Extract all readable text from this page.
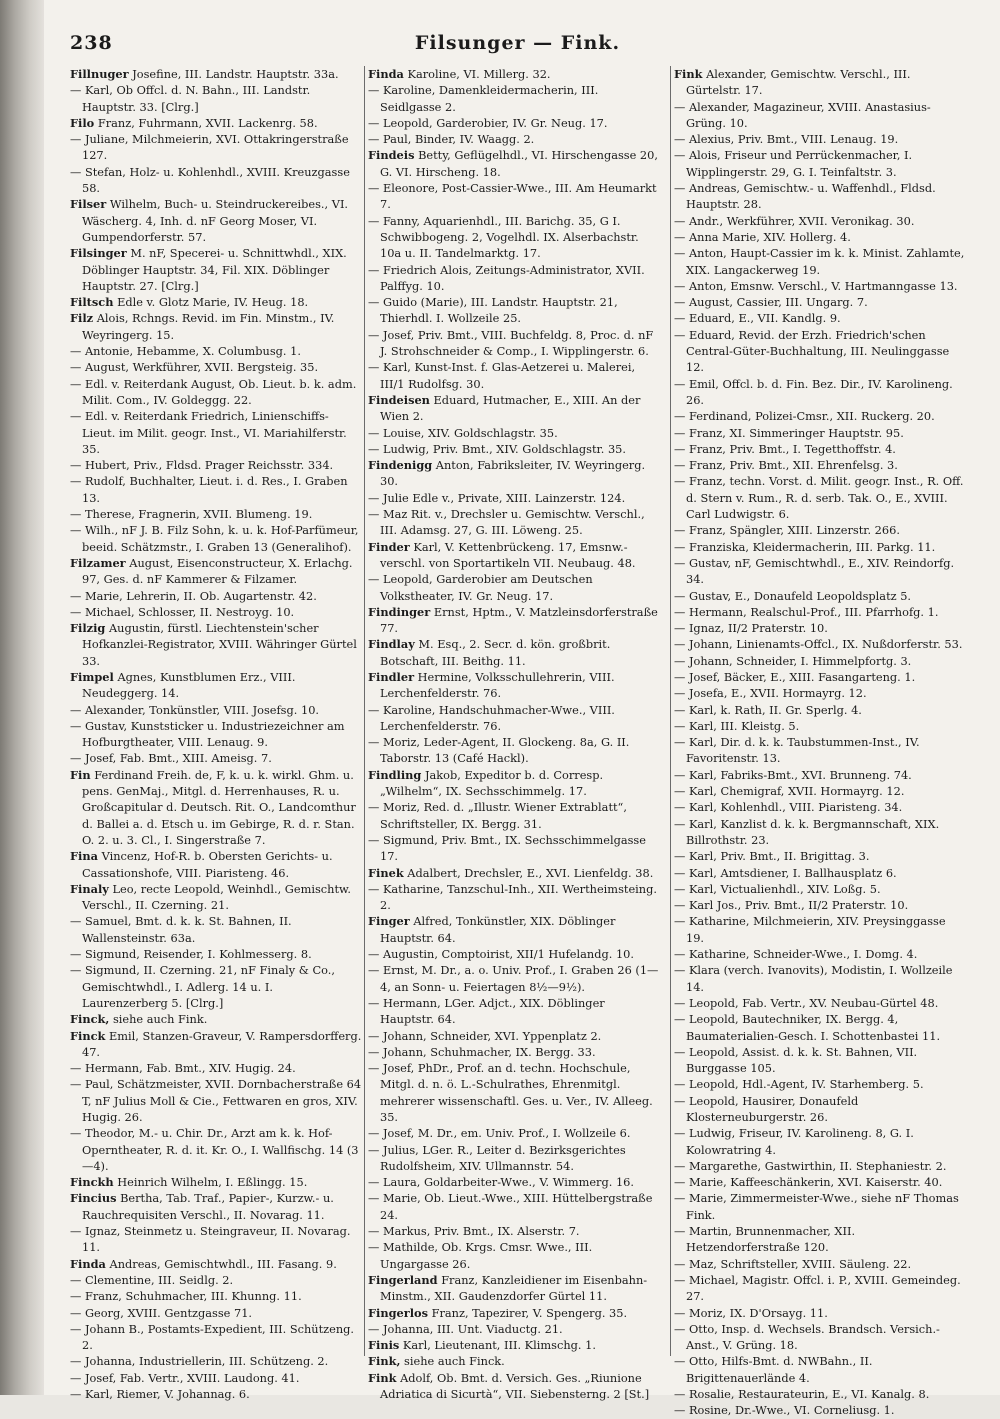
238	Filsunger — Fink.

Fillnuger Josefine, III. Landstr. Hauptstr. 33a.

— Karl, Ob Offcl. d. N. Bahn., III. Landstr. Hauptstr. 33. [Clrg.]

Filo Franz, Fuhrmann, XVII. Lackenrg. 58.

— Juliane, Milchmeierin, XVI. Ottakringerstraße 127.

— Stefan, Holz- u. Kohlenhdl., XVIII. Kreuzgasse 58.

Filser Wilhelm, Buch- u. Steindruckereibes., VI. Wäscherg. 4, Inh. d. nF Georg Moser, VI. Gumpendorferstr. 57.

Filsinger M. nF, Specerei- u. Schnittwhdl., XIX. Döblinger Hauptstr. 34, Fil. XIX. Döblinger Hauptstr. 27. [Clrg.]

Filtsch Edle v. Glotz Marie, IV. Heug. 18.

Filz Alois, Rchngs. Revid. im Fin. Minstm., IV. Weyringerg. 15.

— Antonie, Hebamme, X. Columbusg. 1.

— August, Werkführer, XVII. Bergsteig. 35.

— Edl. v. Reiterdank August, Ob. Lieut. b. k. adm. Milit. Com., IV. Goldeggg. 22.

— Edl. v. Reiterdank Friedrich, Linienschiffs-Lieut. im Milit. geogr. Inst., VI. Mariahilferstr. 35.

— Hubert, Priv., Fldsd. Prager Reichsstr. 334.

— Rudolf, Buchhalter, Lieut. i. d. Res., I. Graben 13.

— Therese, Fragnerin, XVII. Blumeng. 19.

— Wilh., nF J. B. Filz Sohn, k. u. k. Hof-Parfümeur, beeid. Schätzmstr., I. Graben 13 (Generalihof).

Filzamer August, Eisenconstructeur, X. Erlachg. 97, Ges. d. nF Kammerer & Filzamer.

— Marie, Lehrerin, II. Ob. Augartenstr. 42.

— Michael, Schlosser, II. Nestroyg. 10.

Filzig Augustin, fürstl. Liechtenstein'scher Hofkanzlei-Registrator, XVIII. Währinger Gürtel 33.

Fimpel Agnes, Kunstblumen Erz., VIII. Neudeggerg. 14.

— Alexander, Tonkünstler, VIII. Josefsg. 10.

— Gustav, Kunststicker u. Industriezeichner am Hofburgtheater, VIII. Lenaug. 9.

— Josef, Fab. Bmt., XIII. Ameisg. 7.

Fin Ferdinand Freih. de, F, k. u. k. wirkl. Ghm. u. pens. GenMaj., Mitgl. d. Herrenhauses, R. u. Großcapitular d. Deutsch. Rit. O., Landcomthur d. Ballei a. d. Etsch u. im Gebirge, R. d. r. Stan. O. 2. u. 3. Cl., I. Singerstraße 7.

Fina Vincenz, Hof-R. b. Obersten Gerichts- u. Cassationshofe, VIII. Piaristeng. 46.

Finaly Leo, recte Leopold, Weinhdl., Gemischtw. Verschl., II. Czerning. 21.

— Samuel, Bmt. d. k. k. St. Bahnen, II. Wallensteinstr. 63a.

— Sigmund, Reisender, I. Kohlmesserg. 8.

— Sigmund, II. Czerning. 21, nF Finaly & Co., Gemischtwhdl., I. Adlerg. 14 u. I. Laurenzerberg 5. [Clrg.]

Finck, siehe auch Fink.

Finck Emil, Stanzen-Graveur, V. Rampersdorfferg. 47.

— Hermann, Fab. Bmt., XIV. Hugig. 24.

— Paul, Schätzmeister, XVII. Dornbacherstraße 64 T, nF Julius Moll & Cie., Fettwaren en gros, XIV. Hugig. 26.

— Theodor, M.- u. Chir. Dr., Arzt am k. k. Hof-Operntheater, R. d. it. Kr. O., I. Wallfischg. 14 (3—4).

Finckh Heinrich Wilhelm, I. Eßlingg. 15.

Fincius Bertha, Tab. Traf., Papier-, Kurzw.- u. Rauchrequisiten Verschl., II. Novarag. 11.

— Ignaz, Steinmetz u. Steingraveur, II. Novarag. 11.

Finda Andreas, Gemischtwhdl., III. Fasang. 9.

— Clementine, III. Seidlg. 2.

— Franz, Schuhmacher, III. Khunng. 11.

— Georg, XVIII. Gentzgasse 71.

— Johann B., Postamts-Expedient, III. Schützeng. 2.

— Johanna, Industriellerin, III. Schützeng. 2.

— Josef, Fab. Vertr., XVIII. Laudong. 41.

— Karl, Riemer, V. Johannag. 6.

Finda Karoline, VI. Millerg. 32.

— Karoline, Damenkleidermacherin, III. Seidlgasse 2.

— Leopold, Garderobier, IV. Gr. Neug. 17.

— Paul, Binder, IV. Waagg. 2.

Findeis Betty, Geflügelhdl., VI. Hirschengasse 20, G. VI. Hirscheng. 18.

— Eleonore, Post-Cassier-Wwe., III. Am Heumarkt 7.

— Fanny, Aquarienhdl., III. Barichg. 35, G I. Schwibbogeng. 2, Vogelhdl. IX. Alserbachstr. 10a u. II. Tandelmarktg. 17.

— Friedrich Alois, Zeitungs-Administrator, XVII. Palffyg. 10.

— Guido (Marie), III. Landstr. Hauptstr. 21, Thierhdl. I. Wollzeile 25.

— Josef, Priv. Bmt., VIII. Buchfeldg. 8, Proc. d. nF J. Strohschneider & Comp., I. Wipplingerstr. 6.

— Karl, Kunst-Inst. f. Glas-Aetzerei u. Malerei, III/1 Rudolfsg. 30.

Findeisen Eduard, Hutmacher, E., XIII. An der Wien 2.

— Louise, XIV. Goldschlagstr. 35.

— Ludwig, Priv. Bmt., XIV. Goldschlagstr. 35.

Findenigg Anton, Fabriksleiter, IV. Weyringerg. 30.

— Julie Edle v., Private, XIII. Lainzerstr. 124.

— Maz Rit. v., Drechsler u. Gemischtw. Verschl., III. Adamsg. 27, G. III. Löweng. 25.

Finder Karl, V. Kettenbrückeng. 17, Emsnw.-verschl. von Sportartikeln VII. Neubaug. 48.

— Leopold, Garderobier am Deutschen Volkstheater, IV. Gr. Neug. 17.

Findinger Ernst, Hptm., V. Matzleinsdorferstraße 77.

Findlay M. Esq., 2. Secr. d. kön. großbrit. Botschaft, III. Beithg. 11.

Findler Hermine, Volksschullehrerin, VIII. Lerchenfelderstr. 76.

— Karoline, Handschuhmacher-Wwe., VIII. Lerchenfelderstr. 76.

— Moriz, Leder-Agent, II. Glockeng. 8a, G. II. Taborstr. 13 (Café Hackl).

Findling Jakob, Expeditor b. d. Corresp. „Wilhelm“, IX. Sechsschimmelg. 17.

— Moriz, Red. d. „Illustr. Wiener Extrablatt“, Schriftsteller, IX. Bergg. 31.

— Sigmund, Priv. Bmt., IX. Sechsschimmelgasse 17.

Finek Adalbert, Drechsler, E., XVI. Lienfeldg. 38.

— Katharine, Tanzschul-Inh., XII. Wertheimsteing. 2.

Finger Alfred, Tonkünstler, XIX. Döblinger Hauptstr. 64.

— Augustin, Comptoirist, XII/1 Hufelandg. 10.

— Ernst, M. Dr., a. o. Univ. Prof., I. Graben 26 (1—4, an Sonn- u. Feiertagen 8½—9½).

— Hermann, LGer. Adjct., XIX. Döblinger Hauptstr. 64.

— Johann, Schneider, XVI. Yppenplatz 2.

— Johann, Schuhmacher, IX. Bergg. 33.

— Josef, PhDr., Prof. an d. techn. Hochschule, Mitgl. d. n. ö. L.-Schulrathes, Ehrenmitgl. mehrerer wissenschaftl. Ges. u. Ver., IV. Alleeg. 35.

— Josef, M. Dr., em. Univ. Prof., I. Wollzeile 6.

— Julius, LGer. R., Leiter d. Bezirksgerichtes Rudolfsheim, XIV. Ullmannstr. 54.

— Laura, Goldarbeiter-Wwe., V. Wimmerg. 16.

— Marie, Ob. Lieut.-Wwe., XIII. Hüttelbergstraße 24.

— Markus, Priv. Bmt., IX. Alserstr. 7.

— Mathilde, Ob. Krgs. Cmsr. Wwe., III. Ungargasse 26.

Fingerland Franz, Kanzleidiener im Eisenbahn-Minstm., XII. Gaudenzdorfer Gürtel 11.

Fingerlos Franz, Tapezirer, V. Spengerg. 35.

— Johanna, III. Unt. Viaductg. 21.

Finis Karl, Lieutenant, III. Klimschg. 1.

Fink, siehe auch Finck.

Fink Adolf, Ob. Bmt. d. Versich. Ges. „Riunione Adriatica di Sicurtà“, VII. Siebensterng. 2 [St.]

Fink Alexander, Gemischtw. Verschl., III. Gürtelstr. 17.

— Alexander, Magazineur, XVIII. Anastasius-Grüng. 10.

— Alexius, Priv. Bmt., VIII. Lenaug. 19.

— Alois, Friseur und Perrückenmacher, I. Wipplingerstr. 29, G. I. Teinfaltstr. 3.

— Andreas, Gemischtw.- u. Waffenhdl., Fldsd. Hauptstr. 28.

— Andr., Werkführer, XVII. Veronikag. 30.

— Anna Marie, XIV. Hollerg. 4.

— Anton, Haupt-Cassier im k. k. Minist. Zahlamte, XIX. Langackerweg 19.

— Anton, Emsnw. Verschl., V. Hartmanngasse 13.

— August, Cassier, III. Ungarg. 7.

— Eduard, E., VII. Kandlg. 9.

— Eduard, Revid. der Erzh. Friedrich'schen Central-Güter-Buchhaltung, III. Neulinggasse 12.

— Emil, Offcl. b. d. Fin. Bez. Dir., IV. Karolineng. 26.

— Ferdinand, Polizei-Cmsr., XII. Ruckerg. 20.

— Franz, XI. Simmeringer Hauptstr. 95.

— Franz, Priv. Bmt., I. Tegetthoffstr. 4.

— Franz, Priv. Bmt., XII. Ehrenfelsg. 3.

— Franz, techn. Vorst. d. Milit. geogr. Inst., R. Off. d. Stern v. Rum., R. d. serb. Tak. O., E., XVIII. Carl Ludwigstr. 6.

— Franz, Spängler, XIII. Linzerstr. 266.

— Franziska, Kleidermacherin, III. Parkg. 11.

— Gustav, nF, Gemischtwhdl., E., XIV. Reindorfg. 34.

— Gustav, E., Donaufeld Leopoldsplatz 5.

— Hermann, Realschul-Prof., III. Pfarrhofg. 1.

— Ignaz, II/2 Praterstr. 10.

— Johann, Linienamts-Offcl., IX. Nußdorferstr. 53.

— Johann, Schneider, I. Himmelpfortg. 3.

— Josef, Bäcker, E., XIII. Fasangarteng. 1.

— Josefa, E., XVII. Hormayrg. 12.

— Karl, k. Rath, II. Gr. Sperlg. 4.

— Karl, III. Kleistg. 5.

— Karl, Dir. d. k. k. Taubstummen-Inst., IV. Favoritenstr. 13.

— Karl, Fabriks-Bmt., XVI. Brunneng. 74.

— Karl, Chemigraf, XVII. Hormayrg. 12.

— Karl, Kohlenhdl., VIII. Piaristeng. 34.

— Karl, Kanzlist d. k. k. Bergmannschaft, XIX. Billrothstr. 23.

— Karl, Priv. Bmt., II. Brigittag. 3.

— Karl, Amtsdiener, I. Ballhausplatz 6.

— Karl, Victualienhdl., XIV. Loßg. 5.

— Karl Jos., Priv. Bmt., II/2 Praterstr. 10.

— Katharine, Milchmeierin, XIV. Preysinggasse 19.

— Katharine, Schneider-Wwe., I. Domg. 4.

— Klara (verch. Ivanovits), Modistin, I. Wollzeile 14.

— Leopold, Fab. Vertr., XV. Neubau-Gürtel 48.

— Leopold, Bautechniker, IX. Bergg. 4, Baumaterialien-Gesch. I. Schottenbastei 11.

— Leopold, Assist. d. k. k. St. Bahnen, VII. Burggasse 105.

— Leopold, Hdl.-Agent, IV. Starhemberg. 5.

— Leopold, Hausirer, Donaufeld Klosterneuburgerstr. 26.

— Ludwig, Friseur, IV. Karolineng. 8, G. I. Kolowratring 4.

— Margarethe, Gastwirthin, II. Stephaniestr. 2.

— Marie, Kaffeeschänkerin, XVI. Kaiserstr. 40.

— Marie, Zimmermeister-Wwe., siehe nF Thomas Fink.

— Martin, Brunnenmacher, XII. Hetzendorferstraße 120.

— Maz, Schriftsteller, XVIII. Säuleng. 22.

— Michael, Magistr. Offcl. i. P., XVIII. Gemeindeg. 27.

— Moriz, IX. D'Orsayg. 11.

— Otto, Insp. d. Wechsels. Brandsch. Versich.-Anst., V. Grüng. 18.

— Otto, Hilfs-Bmt. d. NWBahn., II. Brigittenauerlände 4.

— Rosalie, Restaurateurin, E., VI. Kanalg. 8.

— Rosine, Dr.-Wwe., VI. Corneliusg. 1.
